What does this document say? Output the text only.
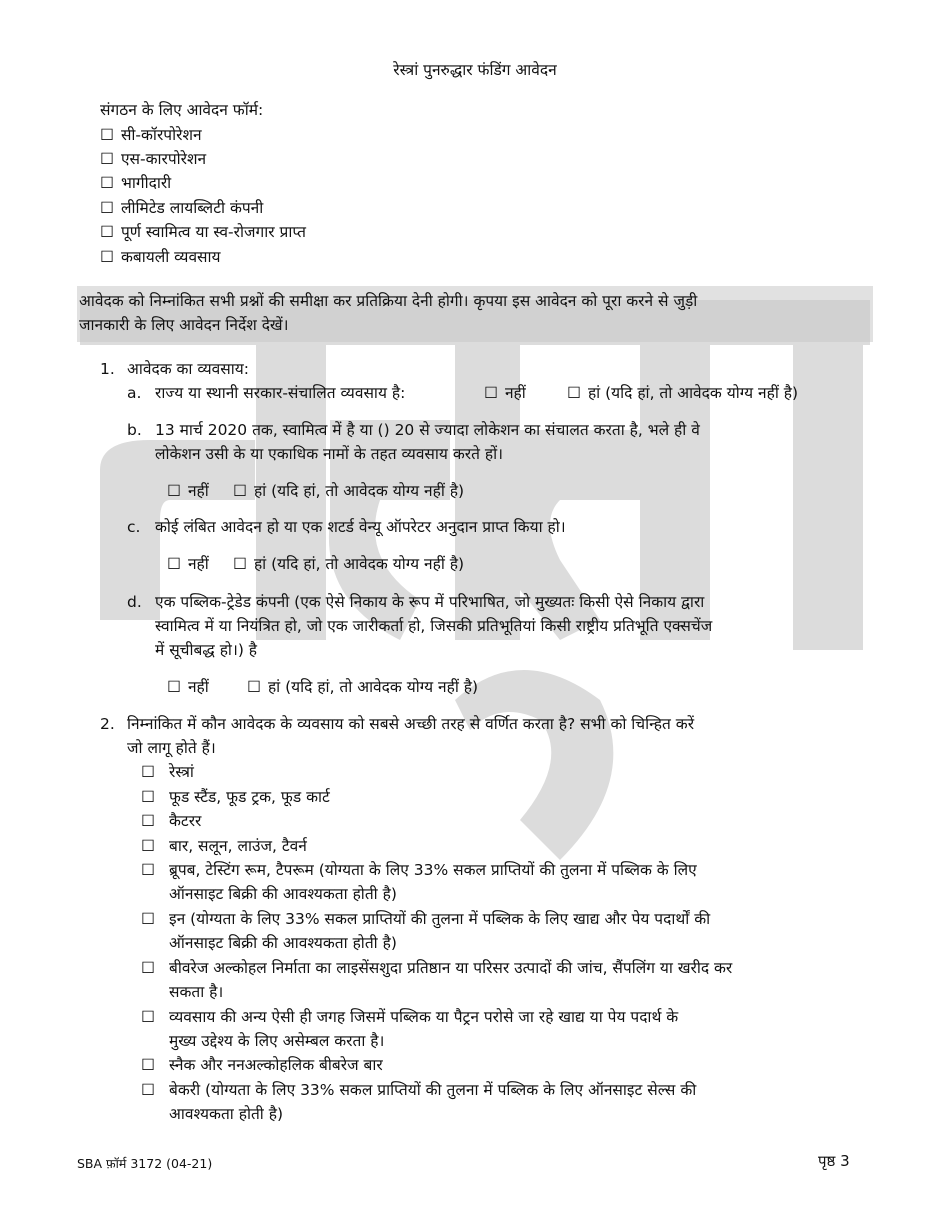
रेस्त्रां पुनरुद्धार फंडिंग आवेदन
संगठन के लिए आवेदन फॉर्म:
☐ सी-कॉरपोरेशन
☐ एस-कारपोरेशन
☐ भागीदारी
☐ लीमिटेड लायब्लिटी कंपनी
☐ पूर्ण स्वामित्व या स्व-रोजगार प्राप्त
☐ कबायली व्यवसाय
आवेदक को निम्नांकित सभी प्रश्नों की समीक्षा कर प्रतिक्रिया देनी होगी। कृपया इस आवेदन को पूरा करने से जुड़ी
जानकारी के लिए आवेदन निर्देश देखें।
1. आवेदक का व्यवसाय:
a. राज्य या स्थानी सरकार-संचालित व्यवसाय है:	☐ नहीं	☐ हां (यदि हां, तो आवेदक योग्य नहीं है)
b. 13 मार्च 2020 तक, स्वामित्व में है या () 20 से ज्यादा लोकेशन का संचालत करता है, भले ही वे
लोकेशन उसी के या एकाधिक नामों के तहत व्यवसाय करते हों।
☐ नहीं ☐ हां (यदि हां, तो आवेदक योग्य नहीं है)
c. कोई लंबित आवेदन हो या एक शटर्ड वेन्यू ऑपरेटर अनुदान प्राप्त किया हो।
☐ नहीं ☐ हां (यदि हां, तो आवेदक योग्य नहीं है)
d. एक पब्लिक-ट्रेडेड कंपनी (एक ऐसे निकाय के रूप में परिभाषित, जो मुख्यतः किसी ऐसे निकाय द्वारा
स्वामित्व में या नियंत्रित हो, जो एक जारीकर्ता हो, जिसकी प्रतिभूतियां किसी राष्ट्रीय प्रतिभूति एक्सचेंज
में सूचीबद्ध हो।) है
☐ नहीं ☐ हां (यदि हां, तो आवेदक योग्य नहीं है)
2. निम्नांकित में कौन आवेदक के व्यवसाय को सबसे अच्छी तरह से वर्णित करता है? सभी को चिन्हित करें
जो लागू होते हैं।
☐ रेस्त्रां
☐ फूड स्टैंड, फूड ट्रक, फूड कार्ट
☐ कैटरर
☐ बार, सलून, लाउंज, टैवर्न
☐ ब्रूपब, टेस्टिंग रूम, टैपरूम (योग्यता के लिए 33% सकल प्राप्तियों की तुलना में पब्लिक के लिए
ऑनसाइट बिक्री की आवश्यकता होती है)
☐ इन (योग्यता के लिए 33% सकल प्राप्तियों की तुलना में पब्लिक के लिए खाद्य और पेय पदार्थों की
ऑनसाइट बिक्री की आवश्यकता होती है)
☐ बीवरेज अल्कोहल निर्माता का लाइसेंसशुदा प्रतिष्ठान या परिसर उत्पादों की जांच, सैंपलिंग या खरीद कर
सकता है।
☐ व्यवसाय की अन्य ऐसी ही जगह जिसमें पब्लिक या पैट्रन परोसे जा रहे खाद्य या पेय पदार्थ के
मुख्य उद्देश्य के लिए असेम्बल करता है।
☐ स्नैक और ननअल्कोहलिक बीबरेज बार
☐ बेकरी (योग्यता के लिए 33% सकल प्राप्तियों की तुलना में पब्लिक के लिए ऑनसाइट सेल्स की
आवश्यकता होती है)
SBA फ़ॉर्म 3172 (04-21)	पृष्ठ 3
